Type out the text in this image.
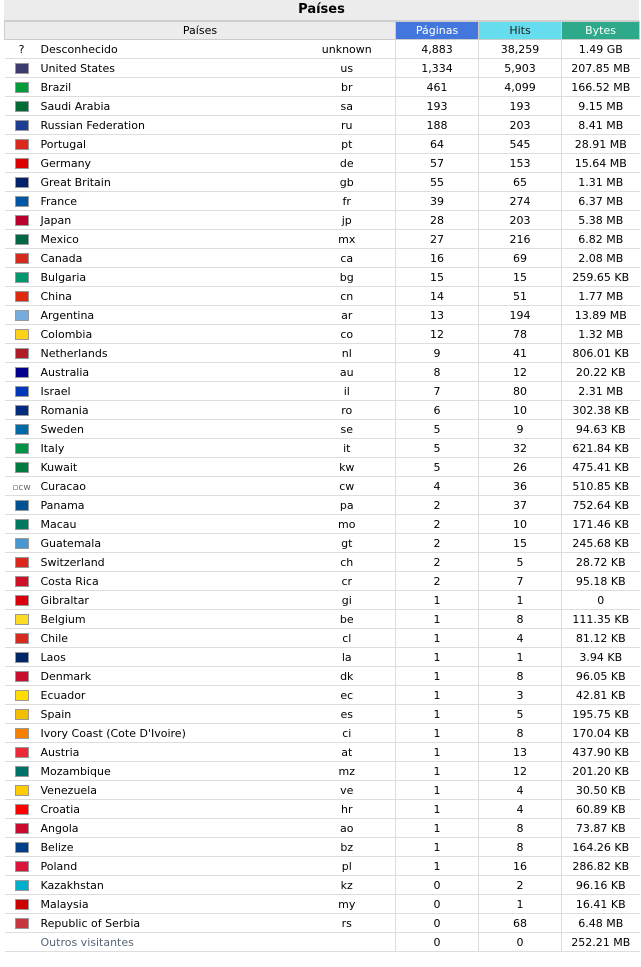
Países
Países			Páginas	Hits	Bytes
?	Desconhecido	unknown	4,883	38,259	1.49 GB
	United States	us	1,334	5,903	207.85 MB
	Brazil	br	461	4,099	166.52 MB
	Saudi Arabia	sa	193	193	9.15 MB
	Russian Federation	ru	188	203	8.41 MB
	Portugal	pt	64	545	28.91 MB
	Germany	de	57	153	15.64 MB
	Great Britain	gb	55	65	1.31 MB
	France	fr	39	274	6.37 MB
	Japan	jp	28	203	5.38 MB
	Mexico	mx	27	216	6.82 MB
	Canada	ca	16	69	2.08 MB
	Bulgaria	bg	15	15	259.65 KB
	China	cn	14	51	1.77 MB
	Argentina	ar	13	194	13.89 MB
	Colombia	co	12	78	1.32 MB
	Netherlands	nl	9	41	806.01 KB
	Australia	au	8	12	20.22 KB
	Israel	il	7	80	2.31 MB
	Romania	ro	6	10	302.38 KB
	Sweden	se	5	9	94.63 KB
	Italy	it	5	32	621.84 KB
	Kuwait	kw	5	26	475.41 KB
▫cw	Curacao	cw	4	36	510.85 KB
	Panama	pa	2	37	752.64 KB
	Macau	mo	2	10	171.46 KB
	Guatemala	gt	2	15	245.68 KB
	Switzerland	ch	2	5	28.72 KB
	Costa Rica	cr	2	7	95.18 KB
	Gibraltar	gi	1	1	0
	Belgium	be	1	8	111.35 KB
	Chile	cl	1	4	81.12 KB
	Laos	la	1	1	3.94 KB
	Denmark	dk	1	8	96.05 KB
	Ecuador	ec	1	3	42.81 KB
	Spain	es	1	5	195.75 KB
	Ivory Coast (Cote D'Ivoire)	ci	1	8	170.04 KB
	Austria	at	1	13	437.90 KB
	Mozambique	mz	1	12	201.20 KB
	Venezuela	ve	1	4	30.50 KB
	Croatia	hr	1	4	60.89 KB
	Angola	ao	1	8	73.87 KB
	Belize	bz	1	8	164.26 KB
	Poland	pl	1	16	286.82 KB
	Kazakhstan	kz	0	2	96.16 KB
	Malaysia	my	0	1	16.41 KB
	Republic of Serbia	rs	0	68	6.48 MB
	Outros visitantes		0	0	252.21 MB
